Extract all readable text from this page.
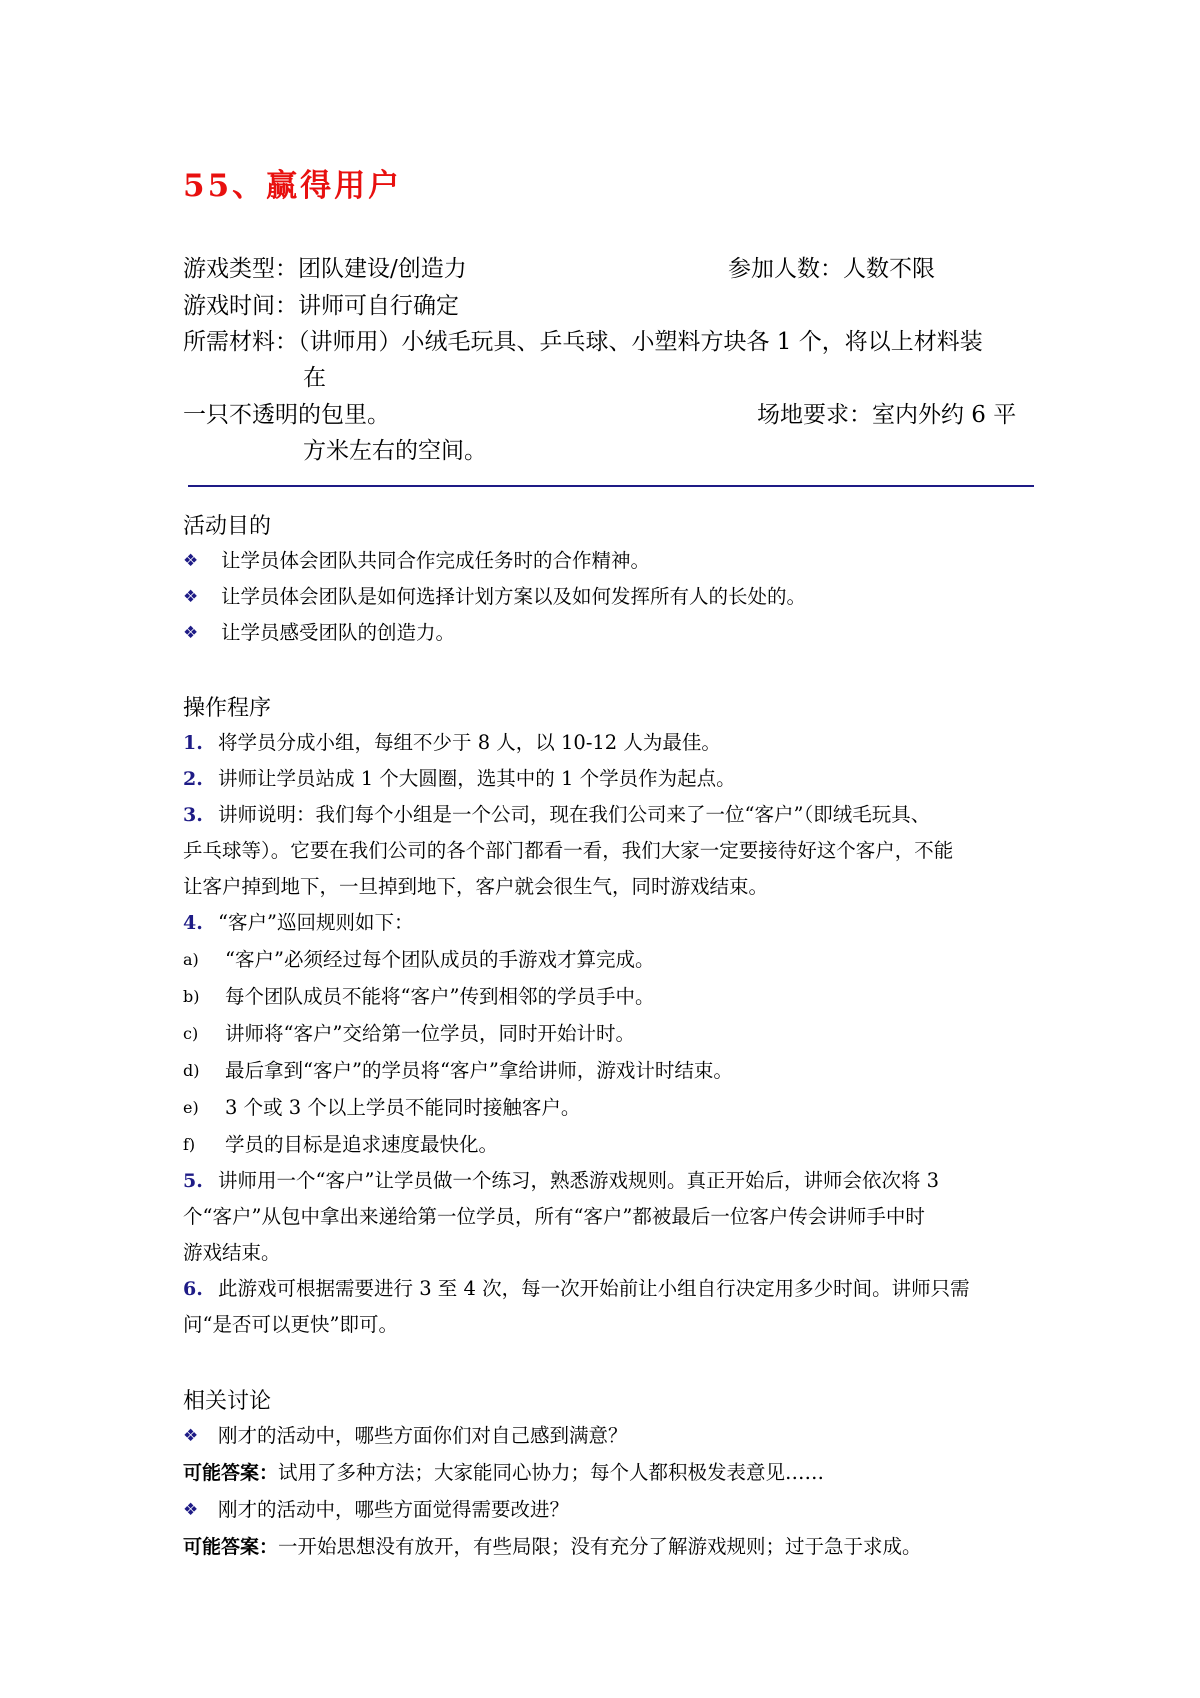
55、赢得用户
游戏类型：团队建设/创造力	参加人数：人数不限
游戏时间：讲师可自行确定
所需材料：（讲师用）小绒毛玩具、乒乓球、小塑料方块各 1 个，将以上材料装
在
一只不透明的包里。	场地要求：室内外约 6 平
方米左右的空间。
活动目的
❖ 让学员体会团队共同合作完成任务时的合作精神。
❖ 让学员体会团队是如何选择计划方案以及如何发挥所有人的长处的。
❖ 让学员感受团队的创造力。
操作程序
1. 将学员分成小组，每组不少于 8 人，以 10-12 人为最佳。
2. 讲师让学员站成 1 个大圆圈，选其中的 1 个学员作为起点。
3. 讲师说明：我们每个小组是一个公司，现在我们公司来了一位“客户”（即绒毛玩具、
乒乓球等）。它要在我们公司的各个部门都看一看，我们大家一定要接待好这个客户，不能
让客户掉到地下，一旦掉到地下，客户就会很生气，同时游戏结束。
4. “客户”巡回规则如下：
a) “客户”必须经过每个团队成员的手游戏才算完成。
b) 每个团队成员不能将“客户”传到相邻的学员手中。
c) 讲师将“客户”交给第一位学员，同时开始计时。
d) 最后拿到“客户”的学员将“客户”拿给讲师，游戏计时结束。
e) 3 个或 3 个以上学员不能同时接触客户。
f) 学员的目标是追求速度最快化。
5. 讲师用一个“客户”让学员做一个练习，熟悉游戏规则。真正开始后，讲师会依次将 3
个“客户”从包中拿出来递给第一位学员，所有“客户”都被最后一位客户传会讲师手中时
游戏结束。
6. 此游戏可根据需要进行 3 至 4 次，每一次开始前让小组自行决定用多少时间。讲师只需
问“是否可以更快”即可。
相关讨论
❖ 刚才的活动中，哪些方面你们对自己感到满意？
可能答案：试用了多种方法；大家能同心协力；每个人都积极发表意见……
❖ 刚才的活动中，哪些方面觉得需要改进？
可能答案：一开始思想没有放开，有些局限；没有充分了解游戏规则；过于急于求成。
